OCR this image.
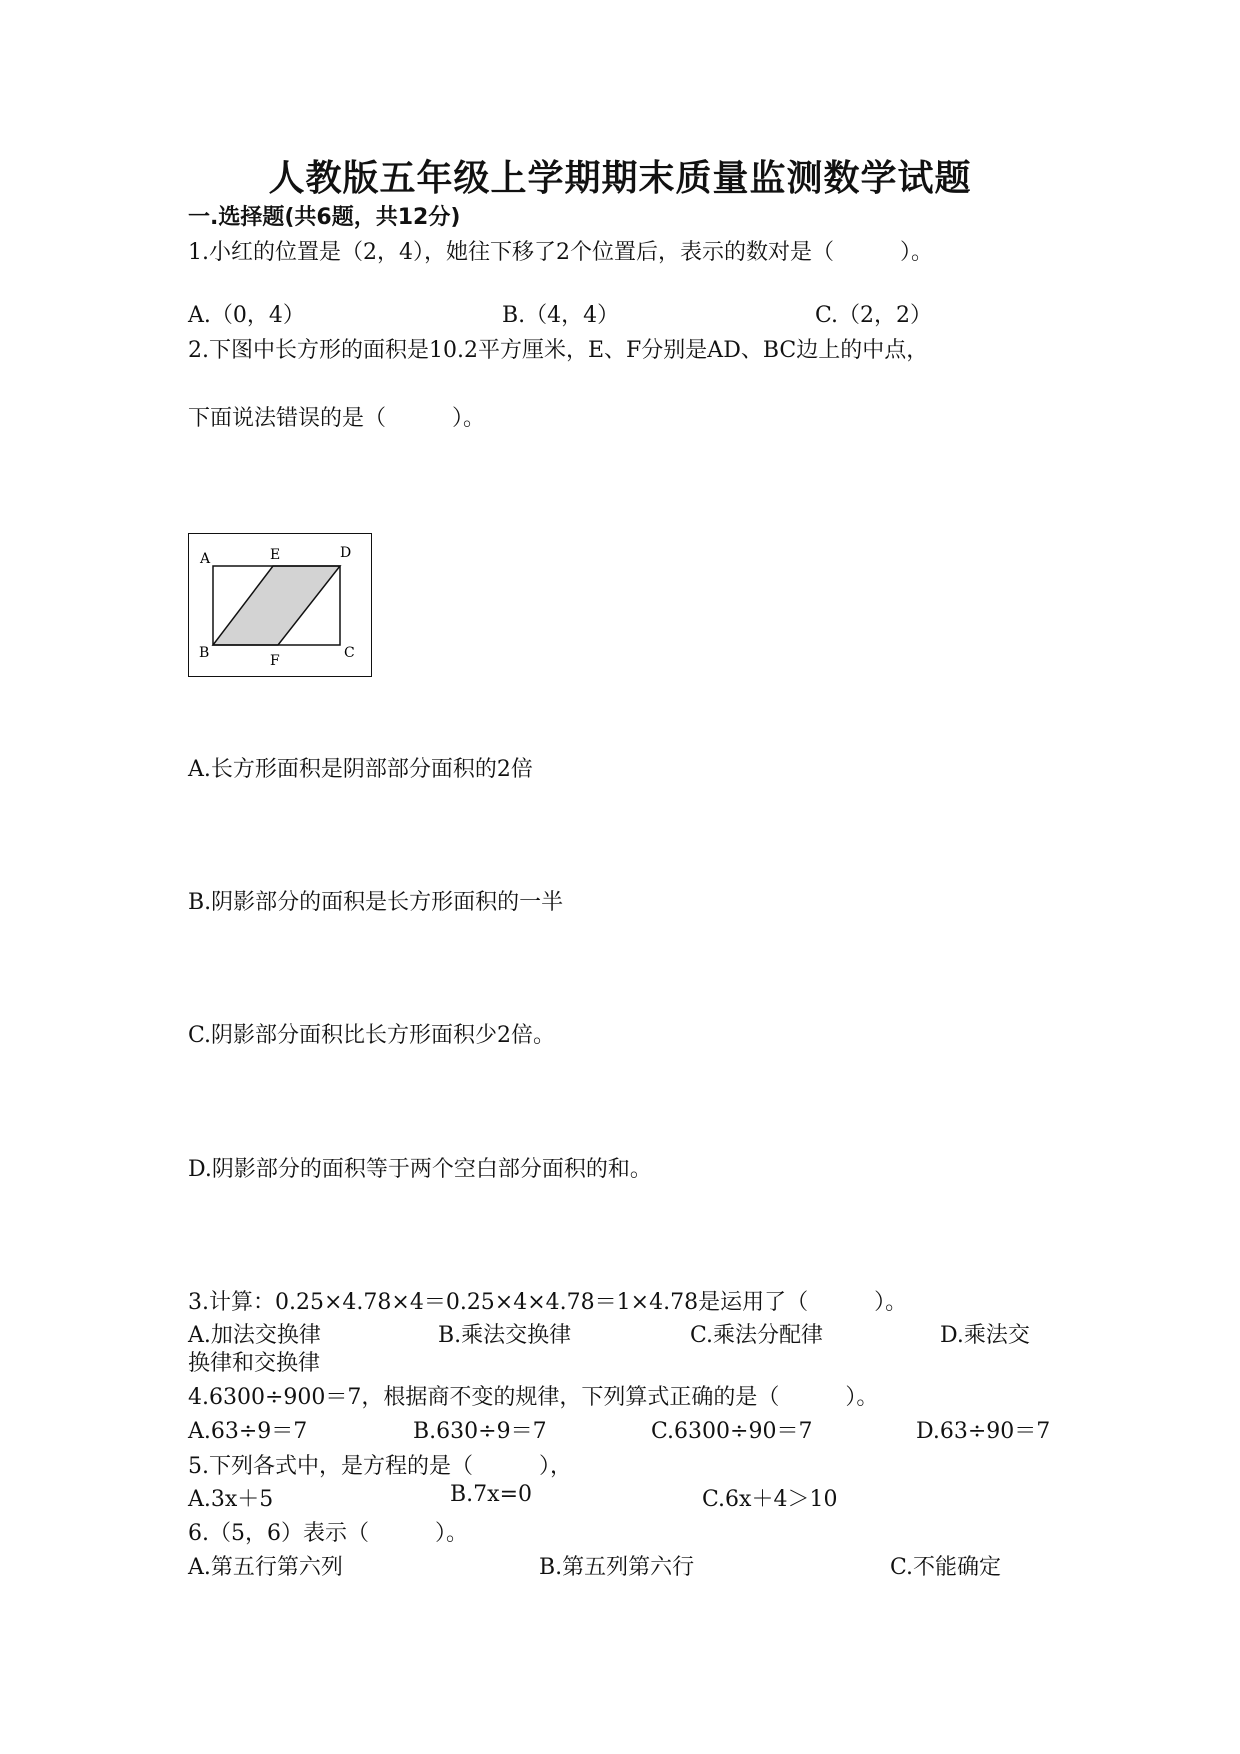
人教版五年级上学期期末质量监测数学试题
一.选择题(共6题，共12分)
1.小红的位置是（2，4），她往下移了2个位置后，表示的数对是（　　　）。
A.（0，4）	B.（4，4）	C.（2，2）
2.下图中长方形的面积是10.2平方厘米，E、F分别是AD、BC边上的中点，
下面说法错误的是（　　　）。
A	E	D
B	F	C
A.长方形面积是阴部部分面积的2倍
B.阴影部分的面积是长方形面积的一半
C.阴影部分面积比长方形面积少2倍。
D.阴影部分的面积等于两个空白部分面积的和。
3.计算：0.25×4.78×4＝0.25×4×4.78＝1×4.78是运用了（　　　）。
A.加法交换律	B.乘法交换律	C.乘法分配律	D.乘法交
换律和交换律
4.6300÷900＝7，根据商不变的规律，下列算式正确的是（　　　）。
A.63÷9＝7	B.630÷9＝7	C.6300÷90＝7	D.63÷90＝7
5.下列各式中，是方程的是（　　　），
A.3x＋5	B.7x=0	C.6x＋4＞10
6.（5，6）表示（　　　）。
A.第五行第六列	B.第五列第六行	C.不能确定
